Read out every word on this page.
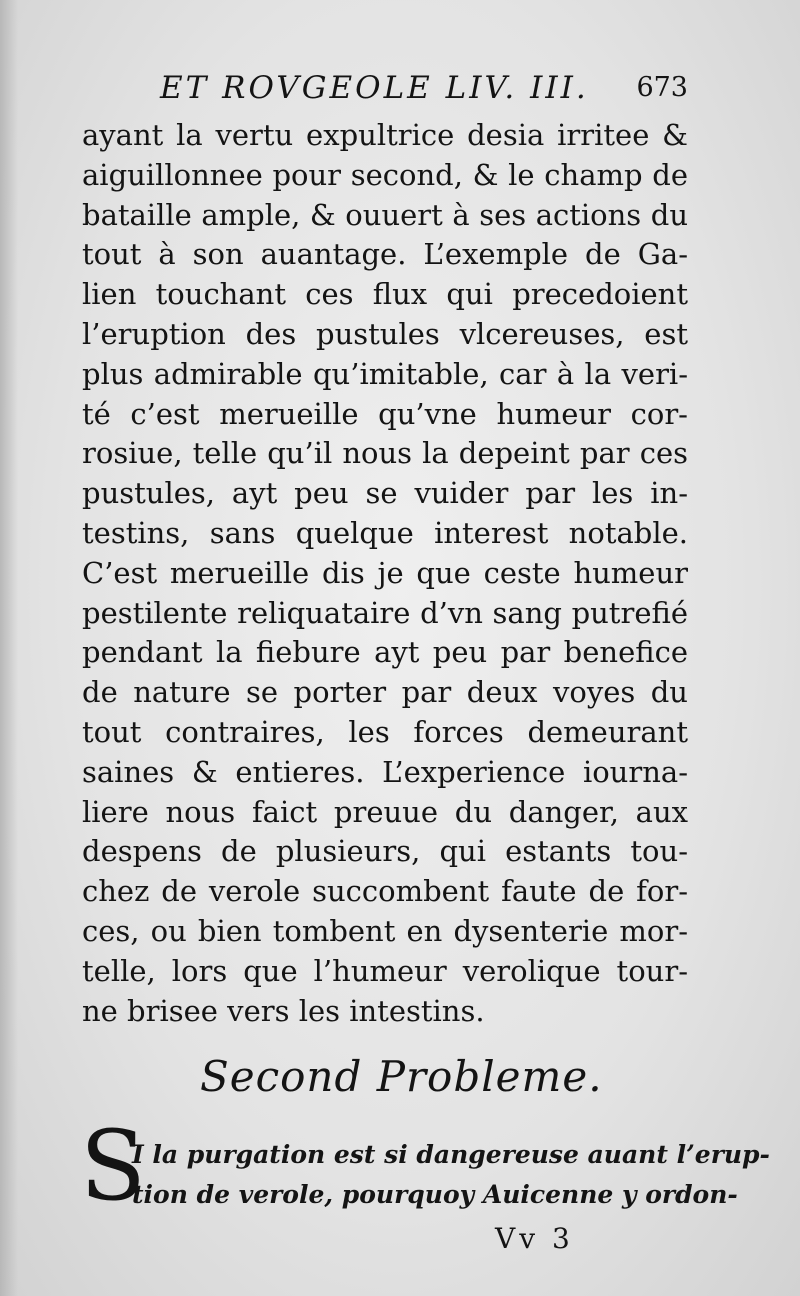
ET ROVGEOLE LIV. III. 673
ayant la vertu expultrice desia irritee &
aiguillonnee pour second, & le champ de
bataille ample, & ouuert à ses actions du
tout à son auantage. L’exemple de Ga-
lien touchant ces flux qui precedoient
l’eruption des pustules vlcereuses, est
plus admirable qu’imitable, car à la veri-
té c’est merueille qu’vne humeur cor-
rosiue, telle qu’il nous la depeint par ces
pustules, ayt peu se vuider par les in-
testins, sans quelque interest notable.
C’est merueille dis je que ceste humeur
pestilente reliquataire d’vn sang putrefié
pendant la fiebure ayt peu par benefice
de nature se porter par deux voyes du
tout contraires, les forces demeurant
saines & entieres. L’experience iourna-
liere nous faict preuue du danger, aux
despens de plusieurs, qui estants tou-
chez de verole succombent faute de for-
ces, ou bien tombent en dysenterie mor-
telle, lors que l’humeur verolique tour-
ne brisee vers les intestins.
Second Probleme.
S
I la purgation est si dangereuse auant l’erup-
tion de verole, pourquoy Auicenne y ordon-
Vv 3
